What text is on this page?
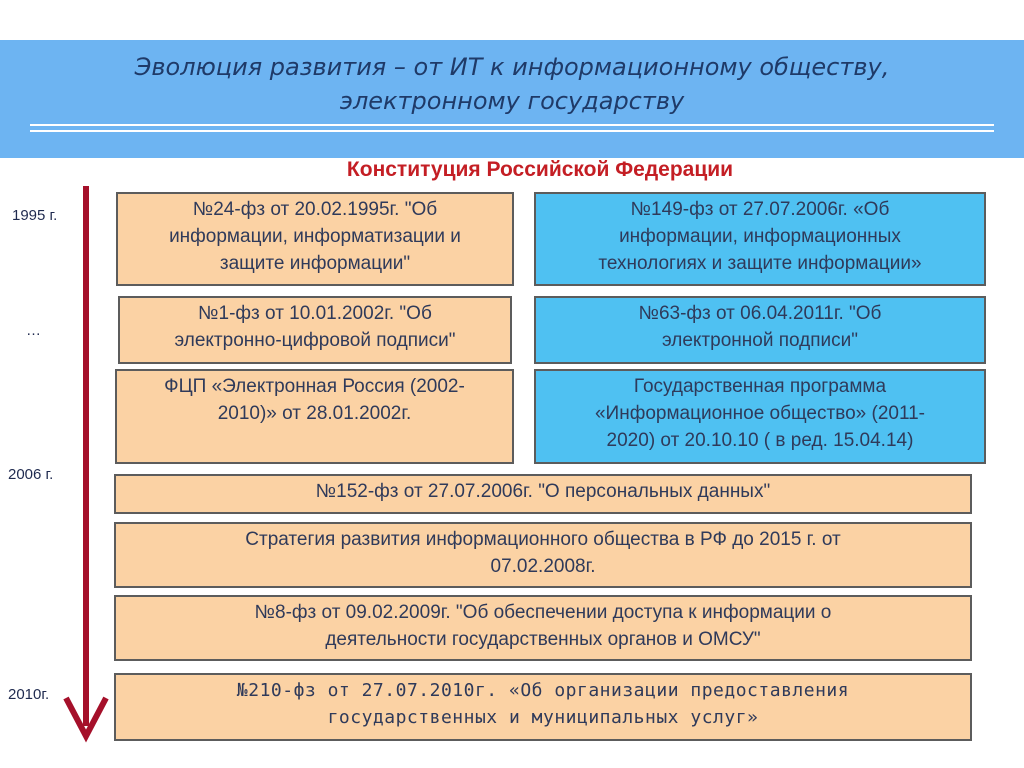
Эволюция развития – от ИТ к информационному обществу,
электронному государству
Конституция Российской Федерации
1995 г.
…
2006 г.
2010г.
№24-фз от 20.02.1995г. "Об
информации, информатизации и
защите информации"
№149-фз от 27.07.2006г. «Об
информации, информационных
технологиях и защите информации»
№1-фз от 10.01.2002г. "Об
электронно-цифровой подписи"
№63-фз от 06.04.2011г. "Об
электронной подписи"
ФЦП «Электронная Россия (2002-
2010)» от 28.01.2002г.
Государственная программа
«Информационное общество» (2011-
2020) от 20.10.10 ( в ред. 15.04.14)
№152-фз от 27.07.2006г. "О персональных данных"
Стратегия развития информационного общества в РФ до 2015 г. от
07.02.2008г.
№8-фз от 09.02.2009г. "Об обеспечении доступа к информации о
деятельности государственных органов и ОМСУ"
№210-фз от 27.07.2010г. «Об организации предоставления
государственных и муниципальных услуг»
